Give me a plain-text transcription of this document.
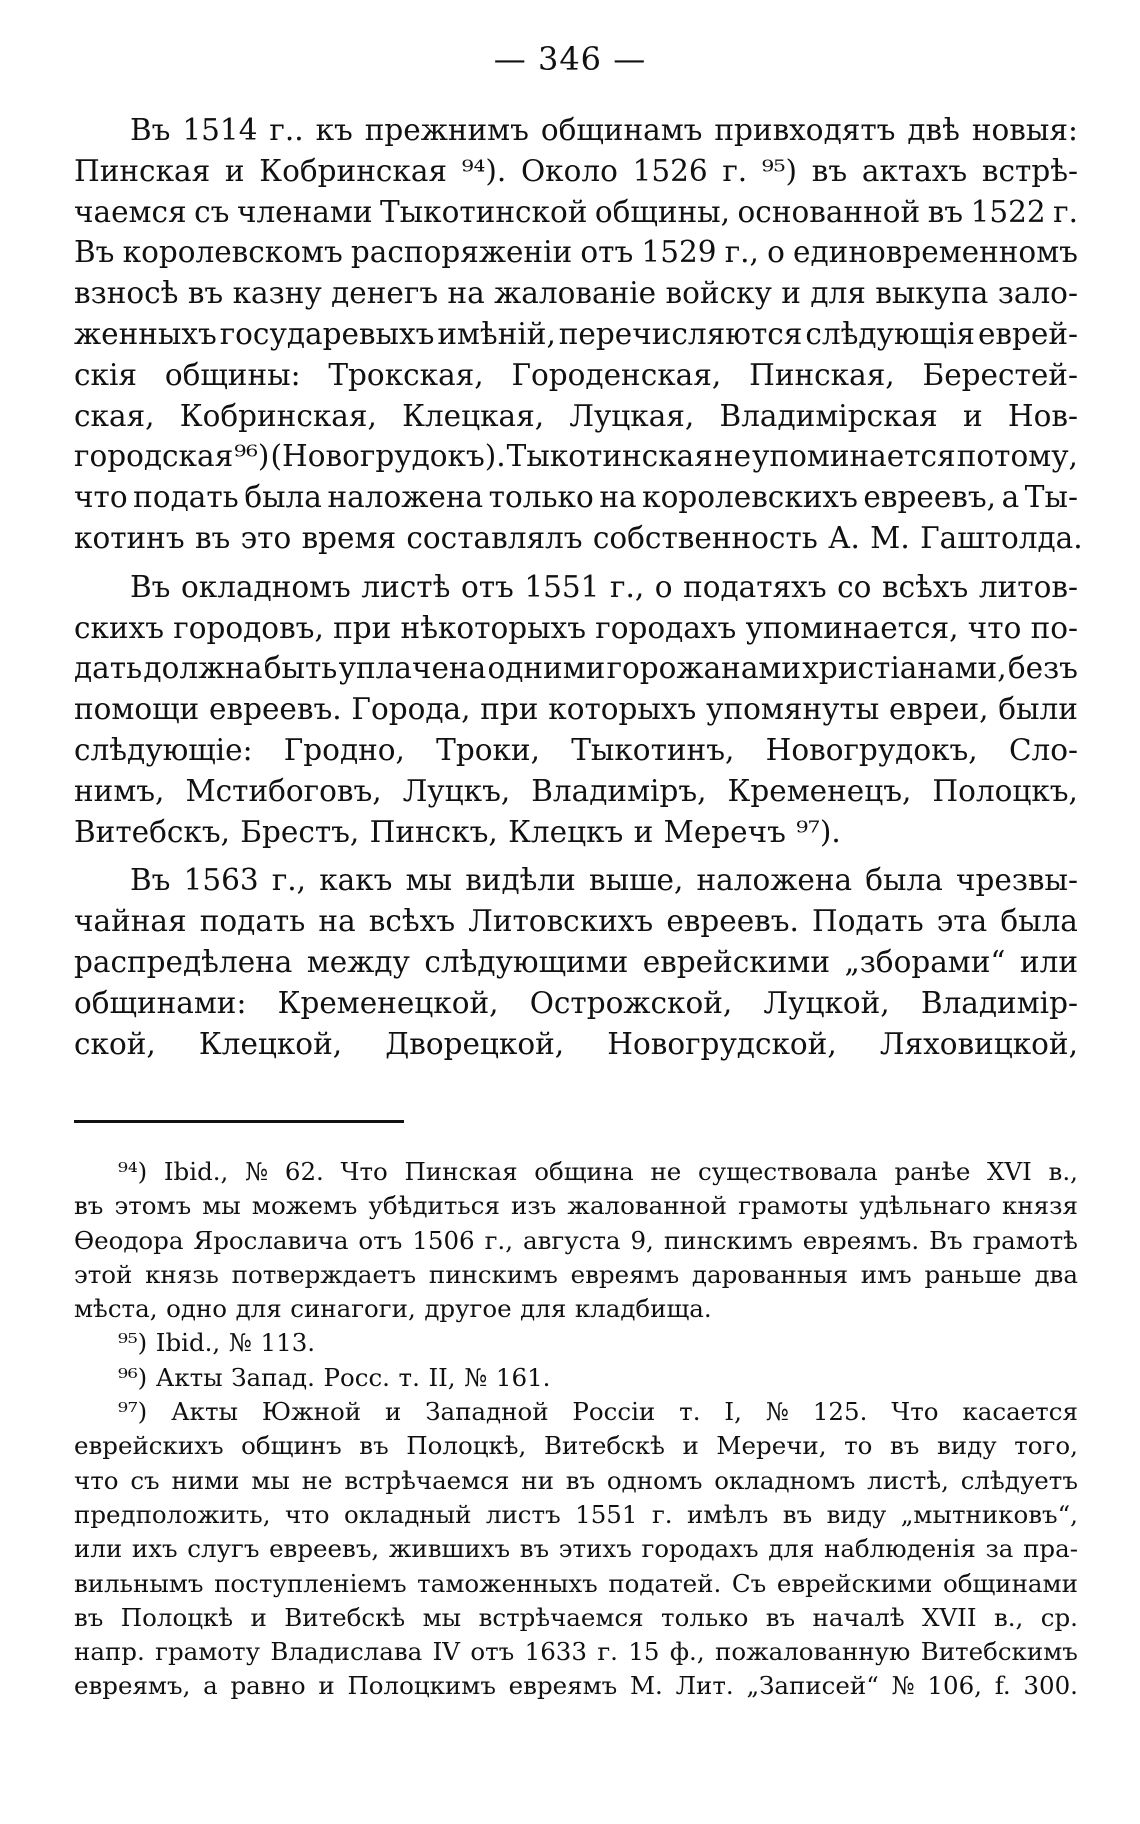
— 346 —
Въ 1514 г.. къ прежнимъ общинамъ привходятъ двѣ новыя:
Пинская и Кобринская ⁹⁴). Около 1526 г. ⁹⁵) въ актахъ встрѣ-
чаемся съ членами Тыкотинской общины, основанной въ 1522 г.
Въ королевскомъ распоряженіи отъ 1529 г., о единовременномъ
взносѣ въ казну денегъ на жалованіе войску и для выкупа зало-
женныхъ государевыхъ имѣній, перечисляются слѣдующія еврей-
скія общины: Трокская, Городенская, Пинская, Берестей-
ская, Кобринская, Клецкая, Луцкая, Владимірская и Нов-
городская ⁹⁶) (Новогрудокъ). Тыкотинская не упоминается потому,
что подать была наложена только на королевскихъ евреевъ, а Ты-
котинъ въ это время составлялъ собственность А. М. Гаштолда.
Въ окладномъ листѣ отъ 1551 г., о податяхъ со всѣхъ литов-
скихъ городовъ, при нѣкоторыхъ городахъ упоминается, что по-
дать должна быть уплачена одними горожанами христіанами, безъ
помощи евреевъ. Города, при которыхъ упомянуты евреи, были
слѣдующіе: Гродно, Троки, Тыкотинъ, Новогрудокъ, Сло-
нимъ, Мстибоговъ, Луцкъ, Владиміръ, Кременецъ, Полоцкъ,
Витебскъ, Брестъ, Пинскъ, Клецкъ и Меречъ ⁹⁷).
Въ 1563 г., какъ мы видѣли выше, наложена была чрезвы-
чайная подать на всѣхъ Литовскихъ евреевъ. Подать эта была
распредѣлена между слѣдующими еврейскими „зборами“ или
общинами: Кременецкой, Острожской, Луцкой, Владимір-
ской, Клецкой, Дворецкой, Новогрудской, Ляховицкой,
⁹⁴) Ibid., № 62. Что Пинская община не существовала ранѣе XVI в.,
въ этомъ мы можемъ убѣдиться изъ жалованной грамоты удѣльнаго князя
Ѳеодора Ярославича отъ 1506 г., августа 9, пинскимъ евреямъ. Въ грамотѣ
этой князь потверждаетъ пинскимъ евреямъ дарованныя имъ раньше два
мѣста, одно для синагоги, другое для кладбища.
⁹⁵) Ibid., № 113.
⁹⁶) Акты Запад. Росс. т. II, № 161.
⁹⁷) Акты Южной и Западной Россіи т. I, № 125. Что касается
еврейскихъ общинъ въ Полоцкѣ, Витебскѣ и Меречи, то въ виду того,
что съ ними мы не встрѣчаемся ни въ одномъ окладномъ листѣ, слѣдуетъ
предположить, что окладный листъ 1551 г. имѣлъ въ виду „мытниковъ“,
или ихъ слугъ евреевъ, жившихъ въ этихъ городахъ для наблюденія за пра-
вильнымъ поступленіемъ таможенныхъ податей. Съ еврейскими общинами
въ Полоцкѣ и Витебскѣ мы встрѣчаемся только въ началѣ XVII в., ср.
напр. грамоту Владислава IV отъ 1633 г. 15 ф., пожалованную Витебскимъ
евреямъ, а равно и Полоцкимъ евреямъ М. Лит. „Записей“ № 106, f. 300.
